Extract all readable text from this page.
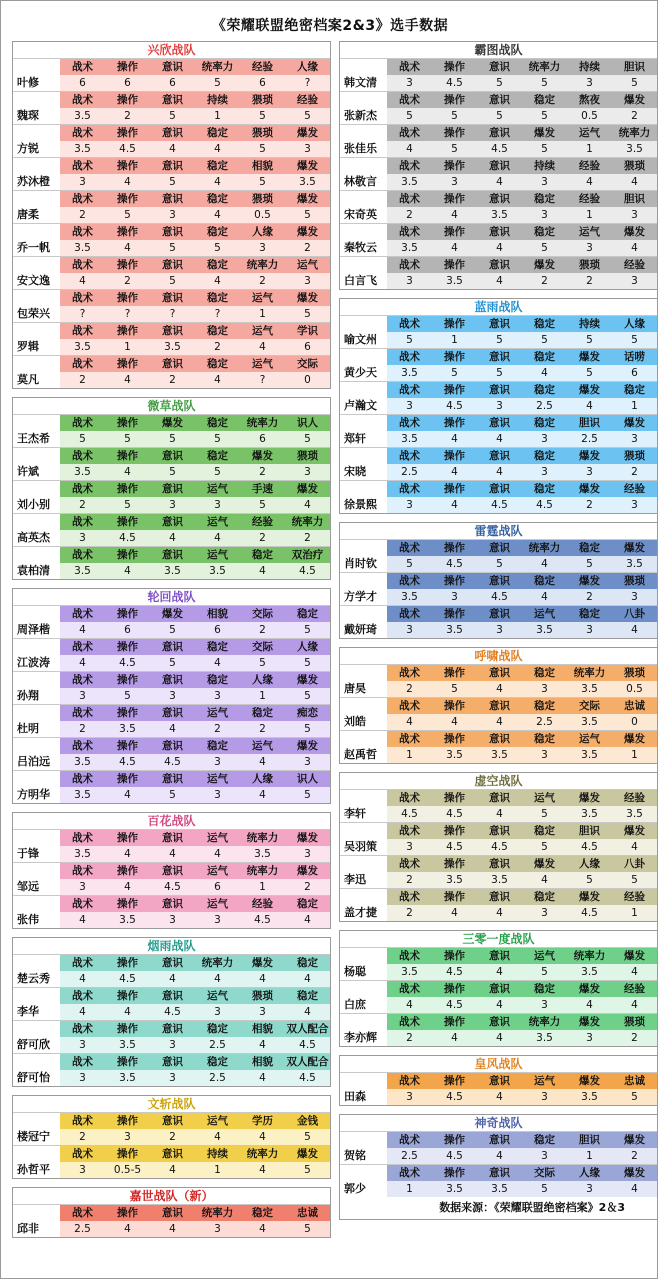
《荣耀联盟绝密档案2&3》选手数据
兴欣战队
叶修
战术	操作	意识	统率力	经验	人缘
6	6	6	5	6	?
魏琛
战术	操作	意识	持续	猥琐	经验
3.5	2	5	1	5	5
方锐
战术	操作	意识	稳定	猥琐	爆发
3.5	4.5	4	4	5	3
苏沐橙
战术	操作	意识	稳定	相貌	爆发
3	4	5	4	5	3.5
唐柔
战术	操作	意识	稳定	猥琐	爆发
2	5	3	4	0.5	5
乔一帆
战术	操作	意识	稳定	人缘	爆发
3.5	4	5	5	3	2
安文逸
战术	操作	意识	稳定	统率力	运气
4	2	5	4	2	3
包荣兴
战术	操作	意识	稳定	运气	爆发
?	?	?	?	1	5
罗辑
战术	操作	意识	稳定	运气	学识
3.5	1	3.5	2	4	6
莫凡
战术	操作	意识	稳定	运气	交际
2	4	2	4	?	0
微草战队
王杰希
战术	操作	爆发	稳定	统率力	识人
5	5	5	5	6	5
许斌
战术	操作	意识	稳定	爆发	猥琐
3.5	4	5	5	2	3
刘小别
战术	操作	意识	运气	手速	爆发
2	5	3	3	5	4
高英杰
战术	操作	意识	运气	经验	统率力
3	4.5	4	4	2	2
袁柏清
战术	操作	意识	运气	稳定	双治疗
3.5	4	3.5	3.5	4	4.5
轮回战队
周泽楷
战术	操作	爆发	相貌	交际	稳定
4	6	5	6	2	5
江波涛
战术	操作	意识	稳定	交际	人缘
4	4.5	5	4	5	5
孙翔
战术	操作	意识	稳定	人缘	爆发
3	5	3	3	1	5
杜明
战术	操作	意识	运气	稳定	痴恋
2	3.5	4	2	2	5
吕泊远
战术	操作	意识	稳定	运气	爆发
3.5	4.5	4.5	3	4	3
方明华
战术	操作	意识	运气	人缘	识人
3.5	4	5	3	4	5
百花战队
于锋
战术	操作	意识	运气	统率力	爆发
3.5	4	4	4	3.5	3
邹远
战术	操作	意识	运气	统率力	爆发
3	4	4.5	6	1	2
张伟
战术	操作	意识	运气	经验	稳定
4	3.5	3	3	4.5	4
烟雨战队
楚云秀
战术	操作	意识	统率力	爆发	稳定
4	4.5	4	4	4	4
李华
战术	操作	意识	运气	猥琐	稳定
4	4	4.5	3	3	4
舒可欣
战术	操作	意识	稳定	相貌	双人配合
3	3.5	3	2.5	4	4.5
舒可怡
战术	操作	意识	稳定	相貌	双人配合
3	3.5	3	2.5	4	4.5
文斩战队
楼冠宁
战术	操作	意识	运气	学历	金钱
2	3	2	4	4	5
孙哲平
战术	操作	意识	持续	统率力	爆发
3	0.5-5	4	1	4	5
嘉世战队（新）
邱非
战术	操作	意识	统率力	稳定	忠诚
2.5	4	4	3	4	5
霸图战队
韩文清
战术	操作	意识	统率力	持续	胆识
3	4.5	5	5	3	5
张新杰
战术	操作	意识	稳定	熬夜	爆发
5	5	5	5	0.5	2
张佳乐
战术	操作	意识	爆发	运气	统率力
4	5	4.5	5	1	3.5
林敬言
战术	操作	意识	持续	经验	猥琐
3.5	3	4	3	4	4
宋奇英
战术	操作	意识	稳定	经验	胆识
2	4	3.5	3	1	3
秦牧云
战术	操作	意识	稳定	运气	爆发
3.5	4	4	5	3	4
白言飞
战术	操作	意识	爆发	猥琐	经验
3	3.5	4	2	2	3
蓝雨战队
喻文州
战术	操作	意识	稳定	持续	人缘
5	1	5	5	5	5
黄少天
战术	操作	意识	稳定	爆发	话唠
3.5	5	5	4	5	6
卢瀚文
战术	操作	意识	稳定	爆发	稳定
3	4.5	3	2.5	4	1
郑轩
战术	操作	意识	稳定	胆识	爆发
3.5	4	4	3	2.5	3
宋晓
战术	操作	意识	稳定	爆发	猥琐
2.5	4	4	3	3	2
徐景熙
战术	操作	意识	稳定	爆发	经验
3	4	4.5	4.5	2	3
雷霆战队
肖时钦
战术	操作	意识	统率力	稳定	爆发
5	4.5	5	4	5	3.5
方学才
战术	操作	意识	稳定	爆发	猥琐
3.5	3	4.5	4	2	3
戴妍琦
战术	操作	意识	运气	稳定	八卦
3	3.5	3	3.5	3	4
呼啸战队
唐昊
战术	操作	意识	稳定	统率力	猥琐
2	5	4	3	3.5	0.5
刘皓
战术	操作	意识	稳定	交际	忠诚
4	4	4	2.5	3.5	0
赵禹哲
战术	操作	意识	稳定	运气	爆发
1	3.5	3.5	3	3.5	1
虚空战队
李轩
战术	操作	意识	运气	爆发	经验
4.5	4.5	4	5	3.5	3.5
吴羽策
战术	操作	意识	稳定	胆识	爆发
3	4.5	4.5	5	4.5	4
李迅
战术	操作	意识	爆发	人缘	八卦
2	3.5	3.5	4	5	5
盖才捷
战术	操作	意识	稳定	爆发	经验
2	4	4	3	4.5	1
三零一度战队
杨聪
战术	操作	意识	运气	统率力	爆发
3.5	4.5	4	5	3.5	4
白庶
战术	操作	意识	稳定	爆发	经验
4	4.5	4	3	4	4
李亦辉
战术	操作	意识	统率力	爆发	猥琐
2	4	4	3.5	3	2
皇风战队
田森
战术	操作	意识	运气	爆发	忠诚
3	4.5	4	3	3.5	5
神奇战队
贺铭
战术	操作	意识	稳定	胆识	爆发
2.5	4.5	4	3	1	2
郭少
战术	操作	意识	交际	人缘	爆发
1	3.5	3.5	5	3	4
数据来源：《荣耀联盟绝密档案》2＆3
